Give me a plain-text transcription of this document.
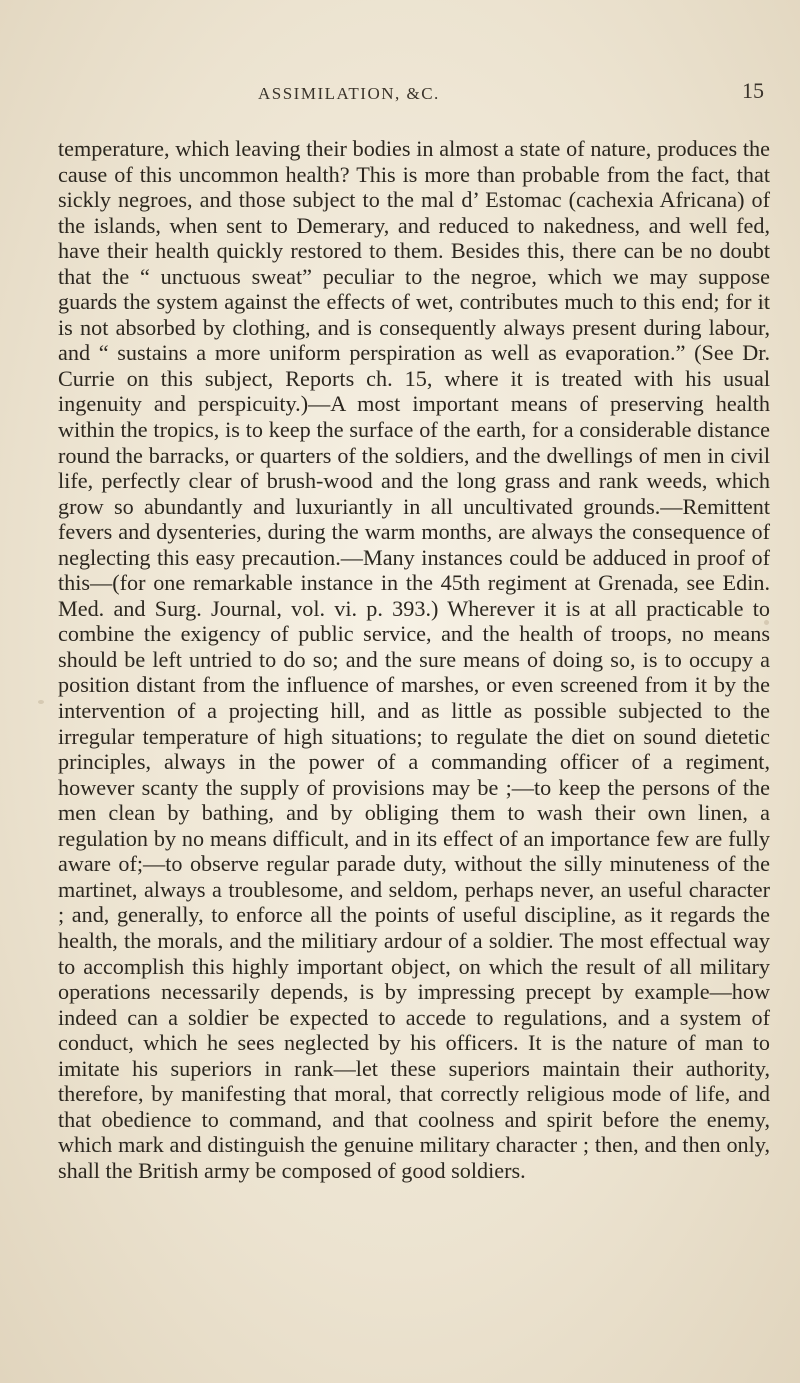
ASSIMILATION, &C.	15

temperature, which leaving their bodies in almost a state of nature, produces the cause of this uncommon health? This is more than probable from the fact, that sickly negroes, and those subject to the mal d’ Estomac (cachexia Africana) of the islands, when sent to Demerary, and reduced to nakedness, and well fed, have their health quickly restored to them. Besides this, there can be no doubt that the “ unctuous sweat” peculiar to the negroe, which we may suppose guards the system against the effects of wet, contributes much to this end; for it is not absorbed by clothing, and is consequently always present during labour, and “ sustains a more uniform perspiration as well as evaporation.” (See Dr. Currie on this subject, Reports ch. 15, where it is treated with his usual ingenuity and perspicuity.)—A most important means of preserving health within the tropics, is to keep the surface of the earth, for a considerable distance round the barracks, or quarters of the soldiers, and the dwellings of men in civil life, perfectly clear of brush-wood and the long grass and rank weeds, which grow so abundantly and luxuriantly in all uncultivated grounds.—Remittent fevers and dysenteries, during the warm months, are always the consequence of neglecting this easy precaution.—Many instances could be adduced in proof of this—(for one remarkable instance in the 45th regiment at Grenada, see Edin. Med. and Surg. Journal, vol. vi. p. 393.) Wherever it is at all practicable to combine the exigency of public service, and the health of troops, no means should be left untried to do so; and the sure means of doing so, is to occupy a position distant from the influence of marshes, or even screened from it by the intervention of a projecting hill, and as little as possible subjected to the irregular temperature of high situations; to regulate the diet on sound dietetic principles, always in the power of a commanding officer of a regiment, however scanty the supply of provisions may be ;—to keep the persons of the men clean by bathing, and by obliging them to wash their own linen, a regulation by no means difficult, and in its effect of an importance few are fully aware of;—to observe regular parade duty, without the silly minuteness of the martinet, always a troublesome, and seldom, perhaps never, an useful character ; and, generally, to enforce all the points of useful discipline, as it regards the health, the morals, and the militiary ardour of a soldier. The most effectual way to accomplish this highly important object, on which the result of all military operations necessarily depends, is by impressing precept by example—how indeed can a soldier be expected to accede to regulations, and a system of conduct, which he sees neglected by his officers. It is the nature of man to imitate his superiors in rank—let these superiors maintain their authority, therefore, by manifesting that moral, that correctly religious mode of life, and that obedience to command, and that coolness and spirit before the enemy, which mark and distinguish the genuine military character ; then, and then only, shall the British army be composed of good soldiers.
